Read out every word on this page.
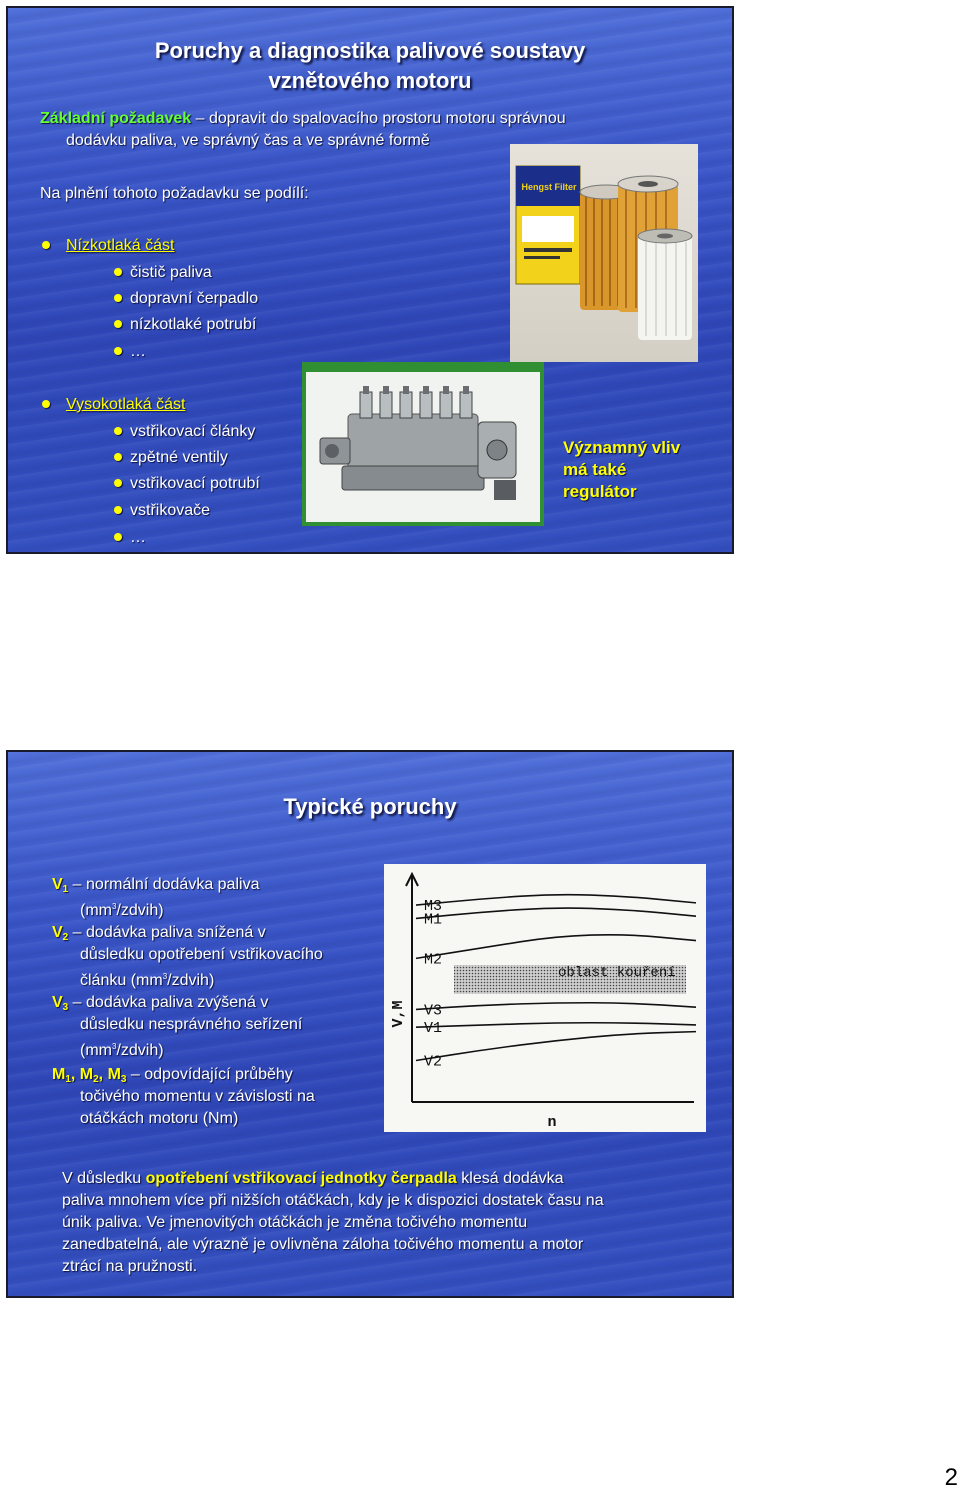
Poruchy a diagnostika palivové soustavy
vznětového motoru
Základní požadavek – dopravit do spalovacího prostoru motoru správnou
dodávku paliva, ve správný čas a ve správné formě
Na plnění tohoto požadavku se podílí:
Nízkotlaká část
čistič paliva
dopravní čerpadlo
nízkotlaké potrubí
…
Vysokotlaká část
vstřikovací články
zpětné ventily
vstřikovací potrubí
vstřikovače
…
Hengst Filter
Významný vliv
má také
regulátor
Typické poruchy
$V_1$ – normální dodávka paliva
$(mm^3/zdvih)$
$V_2$ – dodávka paliva snížená v
důsledku opotřebení vstřikovacího
článku $(mm^3/zdvih)$
$V_3$ – dodávka paliva zvýšená v
důsledku nesprávného seřízení
$(mm^3/zdvih)$
$M_1$, $M_2$, $M_3$ – odpovídající průběhy
točivého momentu v závislosti na
otáčkách motoru (Nm)
V,M
n
oblast kouření
M3
M1
M2
V3
V1
V2
V důsledku opotřebení vstřikovací jednotky čerpadla klesá dodávka
paliva mnohem více při nižších otáčkách, kdy je k dispozici dostatek času na
únik paliva. Ve jmenovitých otáčkách je změna točivého momentu
zanedbatelná, ale výrazně je ovlivněna záloha točivého momentu a motor
ztrácí na pružnosti.
2
